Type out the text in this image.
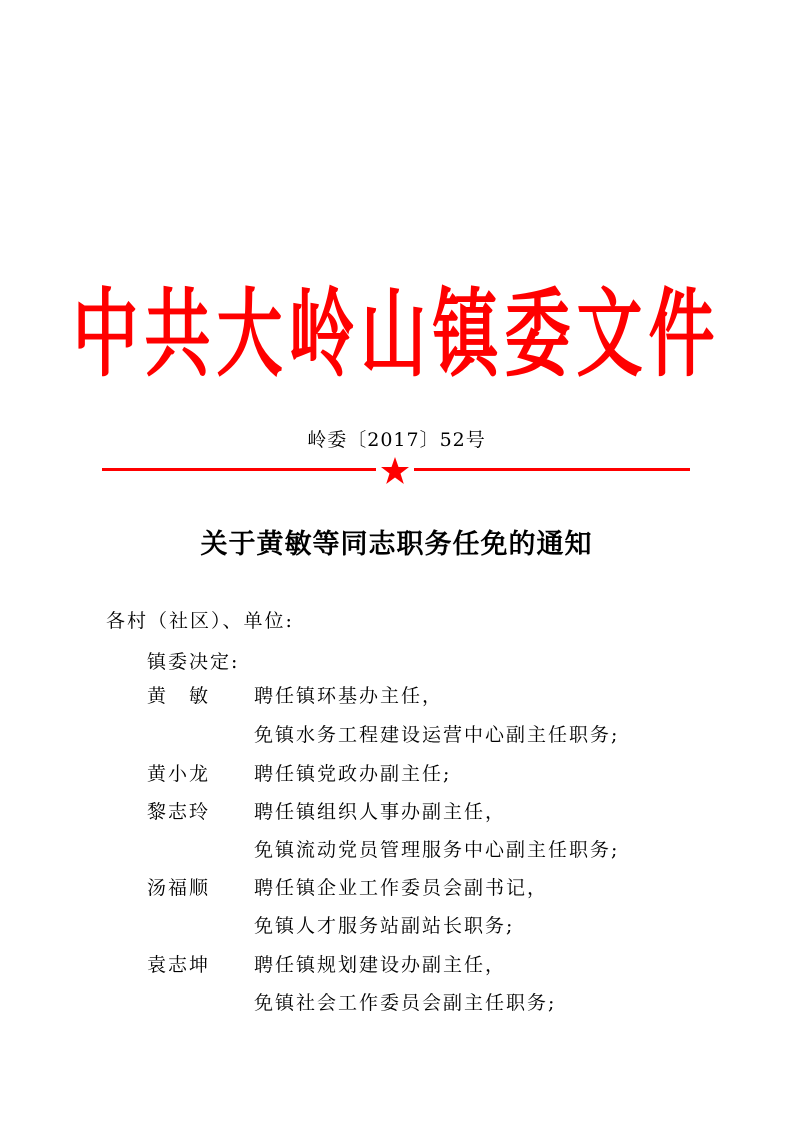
中共大岭山镇委文件
岭委〔2017〕52号
关于黄敏等同志职务任免的通知
各村（社区）、单位:
镇委决定:
黄　敏	聘任镇环基办主任，
免镇水务工程建设运营中心副主任职务;
黄小龙	聘任镇党政办副主任;
黎志玲	聘任镇组织人事办副主任，
免镇流动党员管理服务中心副主任职务;
汤福顺	聘任镇企业工作委员会副书记，
免镇人才服务站副站长职务;
袁志坤	聘任镇规划建设办副主任，
免镇社会工作委员会副主任职务;
